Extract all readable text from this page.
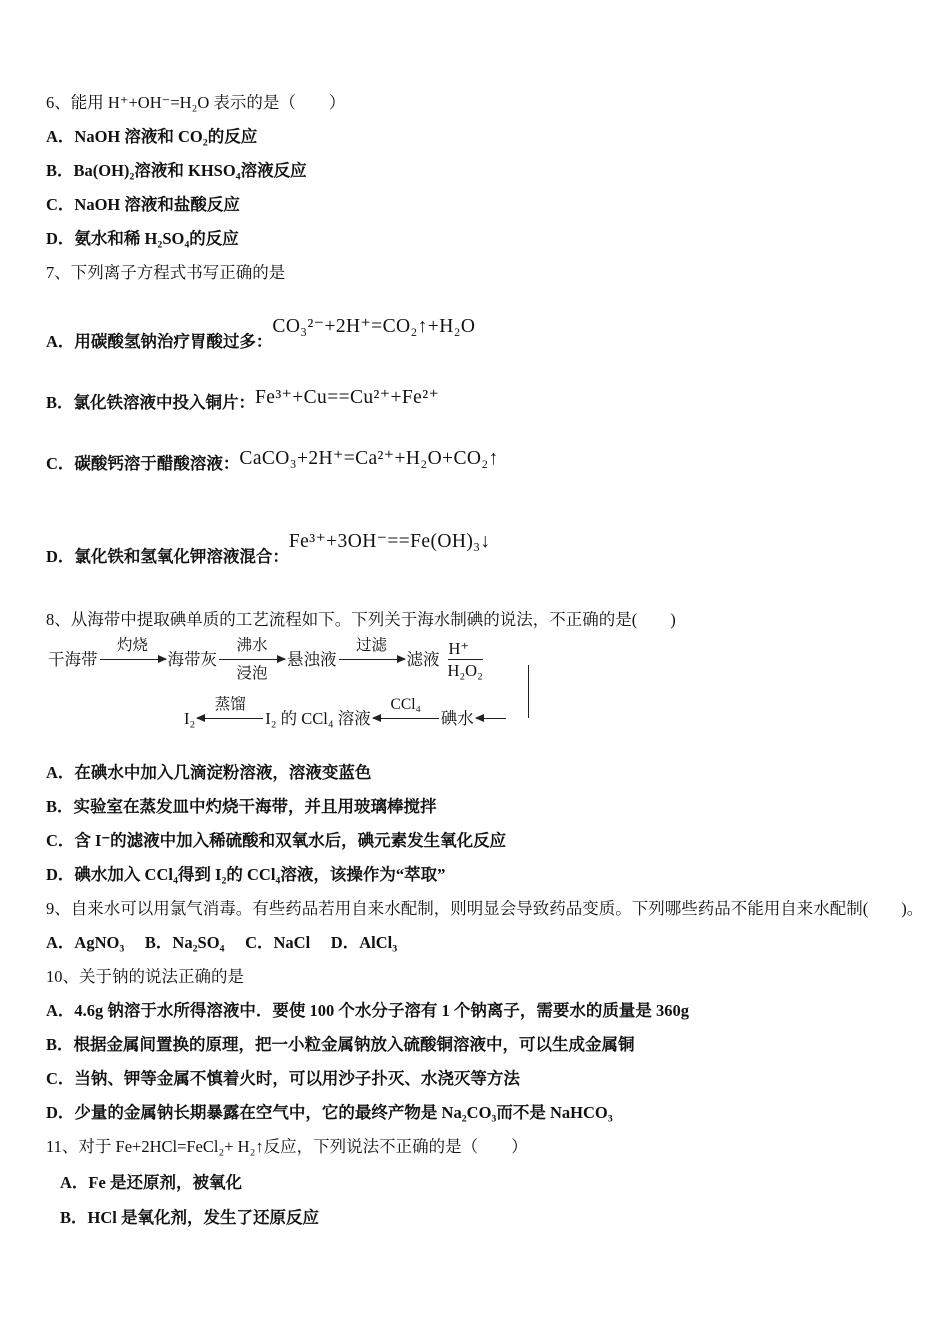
6、能用 H⁺+OH⁻=H₂O 表示的是（　　）
A．NaOH 溶液和 CO₂的反应
B．Ba(OH)₂溶液和 KHSO₄溶液反应
C．NaOH 溶液和盐酸反应
D．氨水和稀 H₂SO₄的反应
7、下列离子方程式书写正确的是
A．用碳酸氢钠治疗胃酸过多：CO₃²⁻+2H⁺=CO₂↑+H₂O
B．氯化铁溶液中投入铜片：Fe³⁺+Cu==Cu²⁺+Fe²⁺
C．碳酸钙溶于醋酸溶液：CaCO₃+2H⁺=Ca²⁺+H₂O+CO₂↑
D．氯化铁和氢氧化钾溶液混合：Fe³⁺+3OH⁻==Fe(OH)₃↓
8、从海带中提取碘单质的工艺流程如下。下列关于海水制碘的说法，不正确的是(　　)
干海带
灼烧
海带灰
沸水
浸泡
悬浊液
过滤
滤液 $\frac{H^+}{\text{H₂O₂}}$
I₂
蒸馏
I₂ 的 CCl₄ 溶液
CCl₄
碘水
A．在碘水中加入几滴淀粉溶液，溶液变蓝色
B．实验室在蒸发皿中灼烧干海带，并且用玻璃棒搅拌
C．含 I⁻的滤液中加入稀硫酸和双氧水后，碘元素发生氧化反应
D．碘水加入 CCl₄得到 I₂的 CCl₄溶液，该操作为“萃取”
9、自来水可以用氯气消毒。有些药品若用自来水配制，则明显会导致药品变质。下列哪些药品不能用自来水配制(　　)。
A．AgNO₃　 B．Na₂SO₄　 C．NaCl　 D．AlCl₃
10、关于钠的说法正确的是
A．4.6g 钠溶于水所得溶液中．要使 100 个水分子溶有 1 个钠离子，需要水的质量是 360g
B．根据金属间置换的原理，把一小粒金属钠放入硫酸铜溶液中，可以生成金属铜
C．当钠、钾等金属不慎着火时，可以用沙子扑灭、水浇灭等方法
D．少量的金属钠长期暴露在空气中，它的最终产物是 Na₂CO₃而不是 NaHCO₃
11、对于 Fe+2HCl=FeCl₂+ H₂↑反应，下列说法不正确的是（　　）
A．Fe 是还原剂，被氧化
B．HCl 是氧化剂，发生了还原反应
